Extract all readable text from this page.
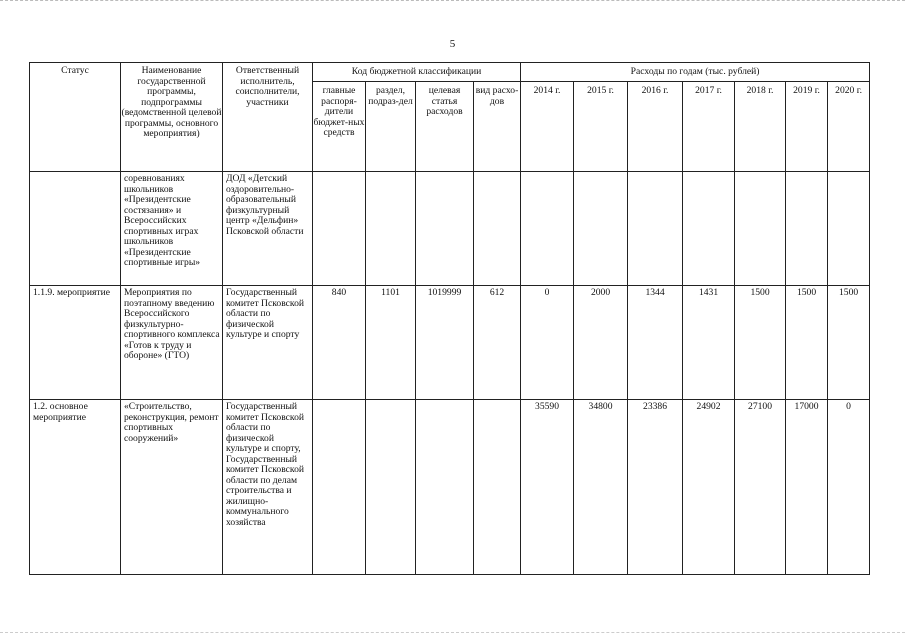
5
Статус	Наименование государственной программы, подпрограммы (ведомственной целевой программы, основного мероприятия)	Ответственный исполнитель, соисполнители, участники	Код бюджетной классификации				Расходы по годам (тыс. рублей)						
			главные распоря-дители бюджет-ных средств	раздел, подраз-дел	целевая статья расходов	вид расхо-дов	2014 г.	2015 г.	2016 г.	2017 г.	2018 г.	2019 г.	2020 г.
	соревнованиях школьников «Президентские состязания» и Всероссийских спортивных играх школьников «Президентские спортивные игры»	ДОД «Детский оздоровительно-образовательный физкультурный центр «Дельфин» Псковской области											
1.1.9. мероприятие	Мероприятия по поэтапному введению Всероссийского физкультурно-спортивного комплекса «Готов к труду и обороне» (ГТО)	Государственный комитет Псковской области по физической культуре и спорту	840	1101	1019999	612	0	2000	1344	1431	1500	1500	1500
1.2. основное мероприятие	«Строительство, реконструкция, ремонт спортивных сооружений»	Государственный комитет Псковской области по физической культуре и спорту, Государственный комитет Псковской области по делам строительства и жилищно-коммунального хозяйства					35590	34800	23386	24902	27100	17000	0
